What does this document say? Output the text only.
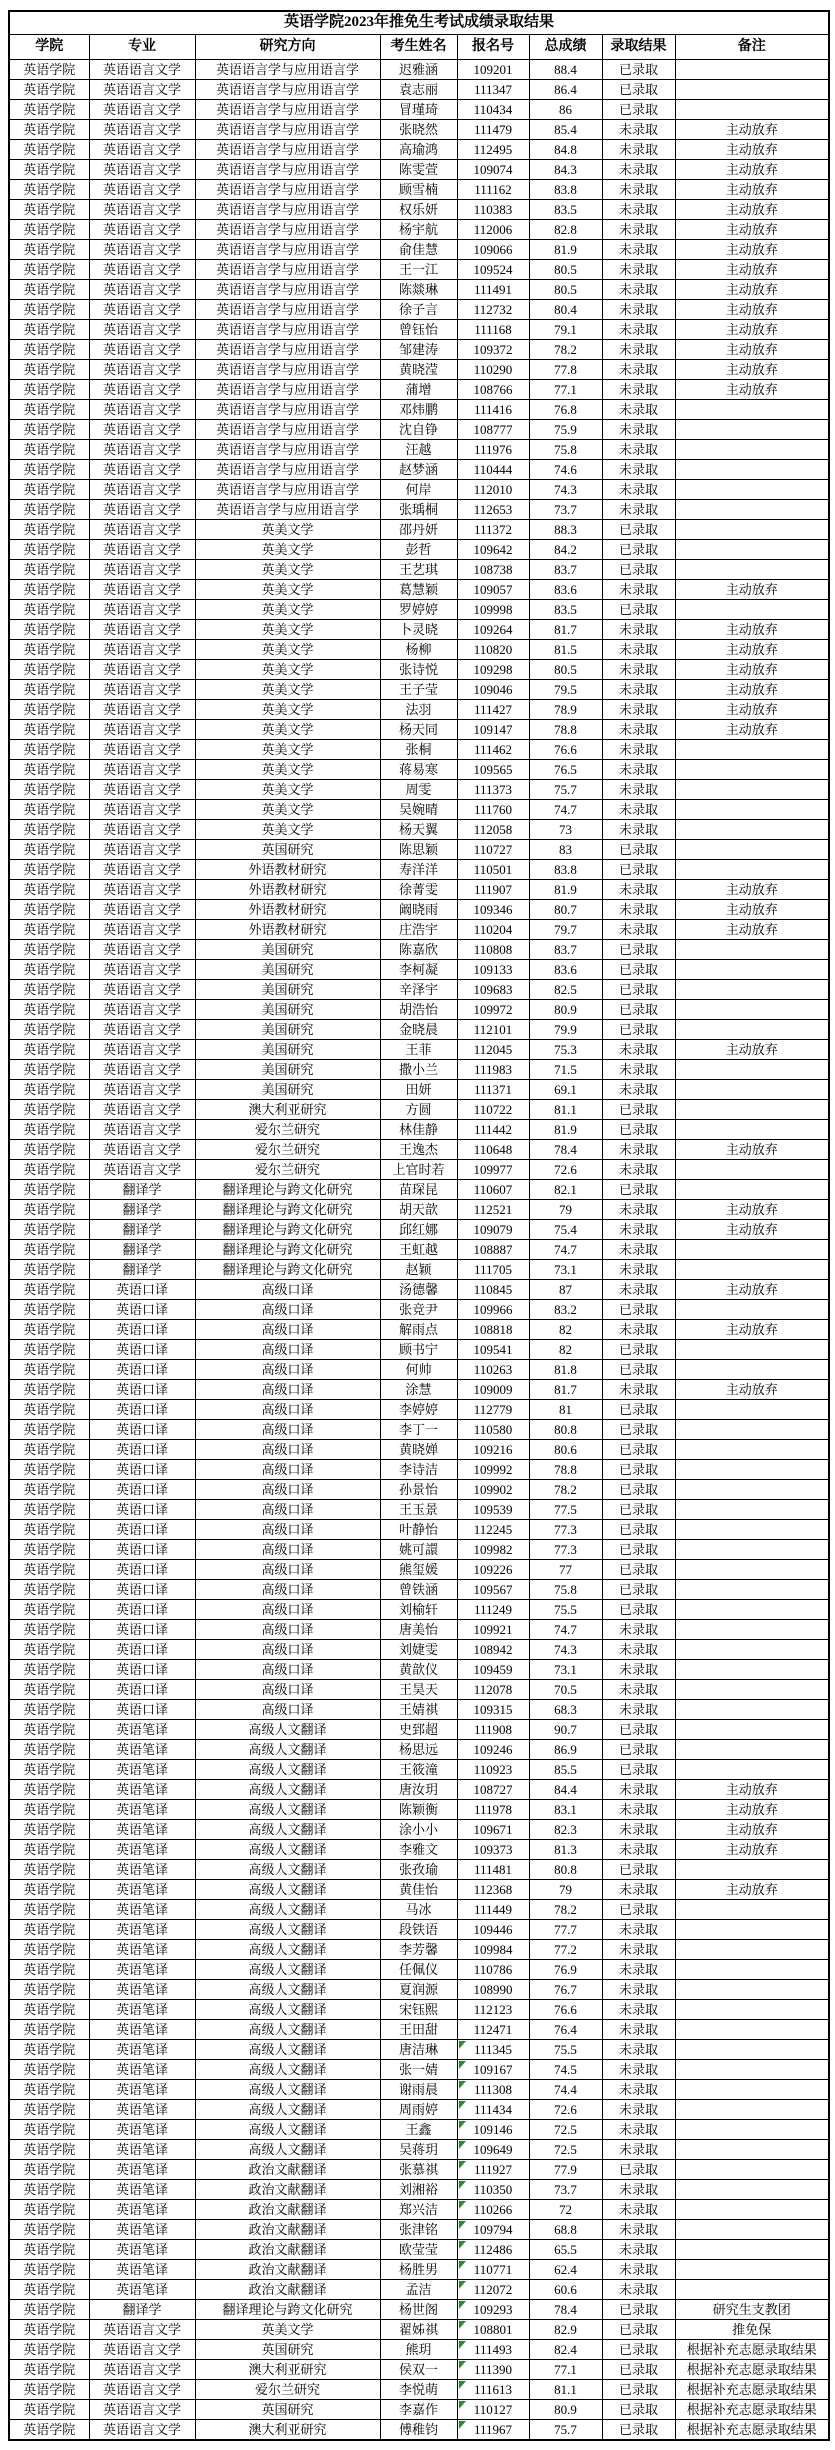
英语学院2023年推免生考试成绩录取结果							
学院	专业	研究方向	考生姓名	报名号	总成绩	录取结果	备注
英语学院	英语语言文学	英语语言学与应用语言学	迟雅涵	109201	88.4	已录取	
英语学院	英语语言文学	英语语言学与应用语言学	袁志丽	111347	86.4	已录取	
英语学院	英语语言文学	英语语言学与应用语言学	冒瑾琦	110434	86	已录取	
英语学院	英语语言文学	英语语言学与应用语言学	张晓然	111479	85.4	未录取	主动放弃
英语学院	英语语言文学	英语语言学与应用语言学	高瑜鸿	112495	84.8	未录取	主动放弃
英语学院	英语语言文学	英语语言学与应用语言学	陈雯萱	109074	84.3	未录取	主动放弃
英语学院	英语语言文学	英语语言学与应用语言学	顾雪楠	111162	83.8	未录取	主动放弃
英语学院	英语语言文学	英语语言学与应用语言学	权乐妍	110383	83.5	未录取	主动放弃
英语学院	英语语言文学	英语语言学与应用语言学	杨宇航	112006	82.8	未录取	主动放弃
英语学院	英语语言文学	英语语言学与应用语言学	俞佳慧	109066	81.9	未录取	主动放弃
英语学院	英语语言文学	英语语言学与应用语言学	王一江	109524	80.5	未录取	主动放弃
英语学院	英语语言文学	英语语言学与应用语言学	陈燚琳	111491	80.5	未录取	主动放弃
英语学院	英语语言文学	英语语言学与应用语言学	徐子言	112732	80.4	未录取	主动放弃
英语学院	英语语言文学	英语语言学与应用语言学	曾钰怡	111168	79.1	未录取	主动放弃
英语学院	英语语言文学	英语语言学与应用语言学	邹建涛	109372	78.2	未录取	主动放弃
英语学院	英语语言文学	英语语言学与应用语言学	黄晓滢	110290	77.8	未录取	主动放弃
英语学院	英语语言文学	英语语言学与应用语言学	蒲增	108766	77.1	未录取	主动放弃
英语学院	英语语言文学	英语语言学与应用语言学	邓炜鹏	111416	76.8	未录取	
英语学院	英语语言文学	英语语言学与应用语言学	沈自铮	108777	75.9	未录取	
英语学院	英语语言文学	英语语言学与应用语言学	汪越	111976	75.8	未录取	
英语学院	英语语言文学	英语语言学与应用语言学	赵梦涵	110444	74.6	未录取	
英语学院	英语语言文学	英语语言学与应用语言学	何岸	112010	74.3	未录取	
英语学院	英语语言文学	英语语言学与应用语言学	张瑀桐	112653	73.7	未录取	
英语学院	英语语言文学	英美文学	邵丹妍	111372	88.3	已录取	
英语学院	英语语言文学	英美文学	彭哲	109642	84.2	已录取	
英语学院	英语语言文学	英美文学	王艺琪	108738	83.7	已录取	
英语学院	英语语言文学	英美文学	葛慧颖	109057	83.6	未录取	主动放弃
英语学院	英语语言文学	英美文学	罗婷婷	109998	83.5	已录取	
英语学院	英语语言文学	英美文学	卜灵晓	109264	81.7	未录取	主动放弃
英语学院	英语语言文学	英美文学	杨柳	110820	81.5	未录取	主动放弃
英语学院	英语语言文学	英美文学	张诗悦	109298	80.5	未录取	主动放弃
英语学院	英语语言文学	英美文学	王子莹	109046	79.5	未录取	主动放弃
英语学院	英语语言文学	英美文学	法羽	111427	78.9	未录取	主动放弃
英语学院	英语语言文学	英美文学	杨天同	109147	78.8	未录取	主动放弃
英语学院	英语语言文学	英美文学	张桐	111462	76.6	未录取	
英语学院	英语语言文学	英美文学	蒋易寒	109565	76.5	未录取	
英语学院	英语语言文学	英美文学	周雯	111373	75.7	未录取	
英语学院	英语语言文学	英美文学	吴婉晴	111760	74.7	未录取	
英语学院	英语语言文学	英美文学	杨天翼	112058	73	未录取	
英语学院	英语语言文学	英国研究	陈思颖	110727	83	已录取	
英语学院	英语语言文学	外语教材研究	寿洋洋	110501	83.8	已录取	
英语学院	英语语言文学	外语教材研究	徐菁雯	111907	81.9	未录取	主动放弃
英语学院	英语语言文学	外语教材研究	阚晓雨	109346	80.7	未录取	主动放弃
英语学院	英语语言文学	外语教材研究	庄浩宇	110204	79.7	未录取	主动放弃
英语学院	英语语言文学	美国研究	陈嘉欣	110808	83.7	已录取	
英语学院	英语语言文学	美国研究	李柯凝	109133	83.6	已录取	
英语学院	英语语言文学	美国研究	辛泽宇	109683	82.5	已录取	
英语学院	英语语言文学	美国研究	胡浩怡	109972	80.9	已录取	
英语学院	英语语言文学	美国研究	金晓晨	112101	79.9	已录取	
英语学院	英语语言文学	美国研究	王菲	112045	75.3	未录取	主动放弃
英语学院	英语语言文学	美国研究	撒小兰	111983	71.5	未录取	
英语学院	英语语言文学	美国研究	田妍	111371	69.1	未录取	
英语学院	英语语言文学	澳大利亚研究	方圆	110722	81.1	已录取	
英语学院	英语语言文学	爱尔兰研究	林佳静	111442	81.9	已录取	
英语学院	英语语言文学	爱尔兰研究	王逸杰	110648	78.4	未录取	主动放弃
英语学院	英语语言文学	爱尔兰研究	上官时若	109977	72.6	未录取	
英语学院	翻译学	翻译理论与跨文化研究	苗琛昆	110607	82.1	已录取	
英语学院	翻译学	翻译理论与跨文化研究	胡天歆	112521	79	未录取	主动放弃
英语学院	翻译学	翻译理论与跨文化研究	邱红娜	109079	75.4	未录取	主动放弃
英语学院	翻译学	翻译理论与跨文化研究	王虹越	108887	74.7	未录取	
英语学院	翻译学	翻译理论与跨文化研究	赵颖	111705	73.1	未录取	
英语学院	英语口译	高级口译	汤德馨	110845	87	未录取	主动放弃
英语学院	英语口译	高级口译	张竞尹	109966	83.2	已录取	
英语学院	英语口译	高级口译	解雨点	108818	82	未录取	主动放弃
英语学院	英语口译	高级口译	顾书宁	109541	82	已录取	
英语学院	英语口译	高级口译	何帅	110263	81.8	已录取	
英语学院	英语口译	高级口译	涂慧	109009	81.7	未录取	主动放弃
英语学院	英语口译	高级口译	李婷婷	112779	81	已录取	
英语学院	英语口译	高级口译	李丁一	110580	80.8	已录取	
英语学院	英语口译	高级口译	黄晓婵	109216	80.6	已录取	
英语学院	英语口译	高级口译	李诗洁	109992	78.8	已录取	
英语学院	英语口译	高级口译	孙景怡	109902	78.2	已录取	
英语学院	英语口译	高级口译	王玉景	109539	77.5	已录取	
英语学院	英语口译	高级口译	叶静怡	112245	77.3	已录取	
英语学院	英语口译	高级口译	姚可譞	109982	77.3	已录取	
英语学院	英语口译	高级口译	熊玺媛	109226	77	已录取	
英语学院	英语口译	高级口译	曾铁涵	109567	75.8	已录取	
英语学院	英语口译	高级口译	刘榆轩	111249	75.5	已录取	
英语学院	英语口译	高级口译	唐美怡	109921	74.7	未录取	
英语学院	英语口译	高级口译	刘婕雯	108942	74.3	未录取	
英语学院	英语口译	高级口译	黄歆仪	109459	73.1	未录取	
英语学院	英语口译	高级口译	王昊天	112078	70.5	未录取	
英语学院	英语口译	高级口译	王婧祺	109315	68.3	未录取	
英语学院	英语笔译	高级人文翻译	史郅超	111908	90.7	已录取	
英语学院	英语笔译	高级人文翻译	杨思远	109246	86.9	已录取	
英语学院	英语笔译	高级人文翻译	王筱潼	110923	85.5	已录取	
英语学院	英语笔译	高级人文翻译	唐汝玥	108727	84.4	未录取	主动放弃
英语学院	英语笔译	高级人文翻译	陈颖衡	111978	83.1	未录取	主动放弃
英语学院	英语笔译	高级人文翻译	涂小小	109671	82.3	未录取	主动放弃
英语学院	英语笔译	高级人文翻译	李雅文	109373	81.3	未录取	主动放弃
英语学院	英语笔译	高级人文翻译	张孜瑜	111481	80.8	已录取	
英语学院	英语笔译	高级人文翻译	黄佳怡	112368	79	未录取	主动放弃
英语学院	英语笔译	高级人文翻译	马冰	111449	78.2	已录取	
英语学院	英语笔译	高级人文翻译	段铁语	109446	77.7	未录取	
英语学院	英语笔译	高级人文翻译	李芳馨	109984	77.2	未录取	
英语学院	英语笔译	高级人文翻译	任佩仪	110786	76.9	未录取	
英语学院	英语笔译	高级人文翻译	夏润源	108990	76.7	未录取	
英语学院	英语笔译	高级人文翻译	宋钰熙	112123	76.6	未录取	
英语学院	英语笔译	高级人文翻译	王田甜	112471	76.4	未录取	
英语学院	英语笔译	高级人文翻译	唐洁琳	111345	75.5	未录取	
英语学院	英语笔译	高级人文翻译	张一婧	109167	74.5	未录取	
英语学院	英语笔译	高级人文翻译	谢雨晨	111308	74.4	未录取	
英语学院	英语笔译	高级人文翻译	周雨婷	111434	72.6	未录取	
英语学院	英语笔译	高级人文翻译	王鑫	109146	72.5	未录取	
英语学院	英语笔译	高级人文翻译	吴蒋玥	109649	72.5	未录取	
英语学院	英语笔译	政治文献翻译	张慕祺	111927	77.9	已录取	
英语学院	英语笔译	政治文献翻译	刘湘裕	110350	73.7	未录取	
英语学院	英语笔译	政治文献翻译	郑兴洁	110266	72	未录取	
英语学院	英语笔译	政治文献翻译	张津铭	109794	68.8	未录取	
英语学院	英语笔译	政治文献翻译	欧莹莹	112486	65.5	未录取	
英语学院	英语笔译	政治文献翻译	杨胜男	110771	62.4	未录取	
英语学院	英语笔译	政治文献翻译	孟洁	112072	60.6	未录取	
英语学院	翻译学	翻译理论与跨文化研究	杨世阁	109293	78.4	已录取	研究生支教团
英语学院	英语语言文学	英美文学	翟姊祺	108801	82.9	已录取	推免保
英语学院	英语语言文学	英国研究	熊玥	111493	82.4	已录取	根据补充志愿录取结果
英语学院	英语语言文学	澳大利亚研究	侯双一	111390	77.1	已录取	根据补充志愿录取结果
英语学院	英语语言文学	爱尔兰研究	李悦萌	111613	81.1	已录取	根据补充志愿录取结果
英语学院	英语语言文学	英国研究	李嘉作	110127	80.9	已录取	根据补充志愿录取结果
英语学院	英语语言文学	澳大利亚研究	傅稚钧	111967	75.7	已录取	根据补充志愿录取结果
